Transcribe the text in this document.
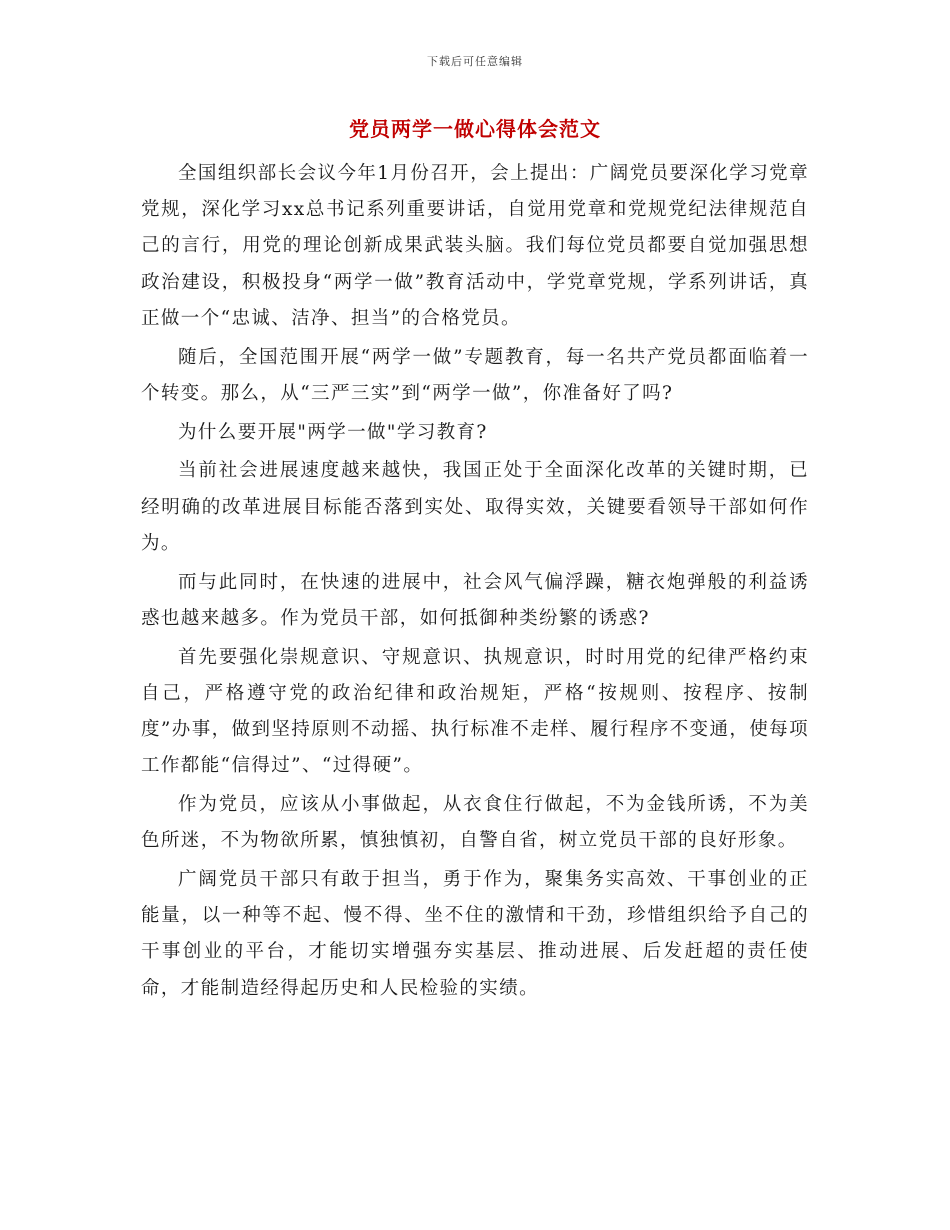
下载后可任意编辑
党员两学一做心得体会范文

全国组织部长会议今年1月份召开，会上提出：广阔党员要深化学习党章党规，深化学习xx总书记系列重要讲话，自觉用党章和党规党纪法律规范自己的言行，用党的理论创新成果武装头脑。我们每位党员都要自觉加强思想政治建设，积极投身“两学一做”教育活动中，学党章党规，学系列讲话，真正做一个“忠诚、洁净、担当”的合格党员。

随后，全国范围开展“两学一做”专题教育，每一名共产党员都面临着一个转变。那么，从“三严三实”到“两学一做”，你准备好了吗?

为什么要开展"两学一做"学习教育?

当前社会进展速度越来越快，我国正处于全面深化改革的关键时期，已经明确的改革进展目标能否落到实处、取得实效，关键要看领导干部如何作为。

而与此同时，在快速的进展中，社会风气偏浮躁，糖衣炮弹般的利益诱惑也越来越多。作为党员干部，如何抵御种类纷繁的诱惑?

首先要强化崇规意识、守规意识、执规意识，时时用党的纪律严格约束自己，严格遵守党的政治纪律和政治规矩，严格“按规则、按程序、按制度”办事，做到坚持原则不动摇、执行标准不走样、履行程序不变通，使每项工作都能“信得过”、“过得硬”。

作为党员，应该从小事做起，从衣食住行做起，不为金钱所诱，不为美色所迷，不为物欲所累，慎独慎初，自警自省，树立党员干部的良好形象。

广阔党员干部只有敢于担当，勇于作为，聚集务实高效、干事创业的正能量，以一种等不起、慢不得、坐不住的激情和干劲，珍惜组织给予自己的干事创业的平台，才能切实增强夯实基层、推动进展、后发赶超的责任使命，才能制造经得起历史和人民检验的实绩。
